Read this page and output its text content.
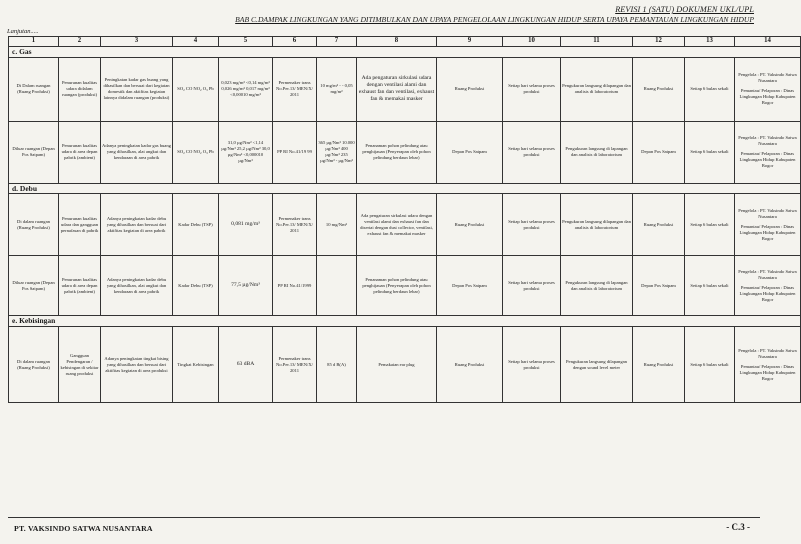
REVISI 1 (SATU) DOKUMEN UKL/UPL
BAB C.DAMPAK LINGKUNGAN YANG DITIMBULKAN DAN UPAYA PENGELOLAAN LINGKUNGAN HIDUP SERTA UPAYA PEMANTAUAN LINGKUNGAN HIDUP
Lanjutan.....
1	2	3	4	5	6	7	8	9	10	11	12	13	14
c. Gas													
Di Dalam ruangan (Ruang Produksi)	Penurunan kualitas udara didalam ruangan (produksi)	Peningkatan kadar gas buang yang dihasilkan dan bersuai dari kegiatan domestik dan aktifitas kegiatan lainnya didalam ruangan (produksi)	SO₂ CO NO₂ O₃ Pb	0,023 mg/m³ <0,14 mg/m³ 0,026 mg/m³ 0,017 mg/m³ <0,00010 mg/m³	Permenaker trans No.Per.13/ MEN/X/ 2011	10 mg/m³ - - 0,05 mg/m³	Ada pengaturan sirkulasi udara dengan ventilasi alami dan exhaust fan dan ventilasi, exhaust fan & memakai masker	Ruang Produksi	Setiap hari selama proses produksi	Pengukuran langsung dilapangan dan analisis di laboratorium	Ruang Produksi	Setiap 6 bulan sekali	Pengelola : PT. Vaksindo Satwa Nusantara
Pemantau/ Pelaporan : Dinas Lingkungan Hidup Kabupaten Bogor

Diluar ruangan (Depan Pos Satpam)	Penurunan kualitas udara di area depan pabrik (ambient)	Adanya peningkatan kadar gas buang yang dihasilkan, alat angkut dan kendaraan di area pabrik	SO₂ CO NO₂ O₃ Pb	31,0 µg/Nm³ <1,14 µg/Nm³ 25,2 µg/Nm³ 30,0 µg/Nm³ <0,000010 µg/Nm³	PP RI No.41/19 99	365 µg/Nm³ 10.000 µg/Nm³ 400 µg/Nm³ 235 µg/Nm³ - µg/Nm³	Penanaman pohon pelindung atau penghijauan (Penyerapan oleh pohon pelindung berdaun lebar)	Depan Pos Satpam	Setiap hari selama proses produksi	Pengukuran langsung di lapangan dan analisis di laboratorium	Depan Pos Satpam	Setiap 6 bulan sekali	Pengelola : PT. Vaksindo Satwa Nusantara
Pemantau/ Pelaporan : Dinas Lingkungan Hidup Kabupaten Bogor

d. Debu													
Di dalam ruangan (Ruang Produksi)	Penurunan kualitas udara dan gangguan pernafasan di pabrik	Adanya peningkatan kadar debu yang dihasilkan dan bersuai dari aktifitas kegiatan di area pabrik	Kadar Debu (TSP)	0,081 mg/m³	Permenaker trans No.Per.13/ MEN/X/ 2011	10 mg/Nm³	Ada pengaturan sirkulasi udara dengan ventilasi alami dan exhaust fan dan disertai dengan dust collector, ventilasi, exhaust fan & memakai masker	Ruang Produksi	Setiap hari selama proses produksi	Pengukuran langsung dilapangan dan analisis di laboratorium	Ruang Produksi	Setiap 6 bulan sekali	Pengelola : PT. Vaksindo Satwa Nusantara
Pemantau/ Pelaporan : Dinas Lingkungan Hidup Kabupaten Bogor

Diluar ruangan (Depan Pos Satpam)	Penurunan kualitas udara di area depan pabrik (ambient)	Adanya peningkatan kadar debu yang dihasilkan, alat angkut dan kendaraan di area pabrik	Kadar Debu (TSP)	77,5 µg/Nm³	PP RI No.41/1999		Penanaman pohon pelindung atau penghijauan (Penyerapan oleh pohon pelindung berdaun lebar)	Depan Pos Satpam	Setiap hari selama proses produksi	Pengukuran langsung di lapangan dan analisis di laboratorium	Depan Pos Satpam	Setiap 6 bulan sekali	Pengelola : PT. Vaksindo Satwa Nusantara
Pemantau/ Pelaporan : Dinas Lingkungan Hidup Kabupaten Bogor

e. Kebisingan													
Di dalam ruangan (Ruang Produksi)	Gangguan Pendengaran / kebisingan di sekitar ruang produksi	Adanya peningkatan tingkat bising yang dihasilkan dan bersuai dari aktifitas kegiatan di area produksi	Tingkat Kebisingan	63 dBA	Permenaker trans No.Per.13/ MEN/X/ 2011	85 d B(A)	Pemakaian ear plug	Ruang Produksi	Setiap hari selama proses produksi	Pengukuran langsung dilapangan dengan sound level meter	Ruang Produksi	Setiap 6 bulan sekali	Pengelola : PT. Vaksindo Satwa Nusantara
Pemantau/ Pelaporan : Dinas Lingkungan Hidup Kabupaten Bogor
PT. VAKSINDO SATWA NUSANTARA	- C.3 -
